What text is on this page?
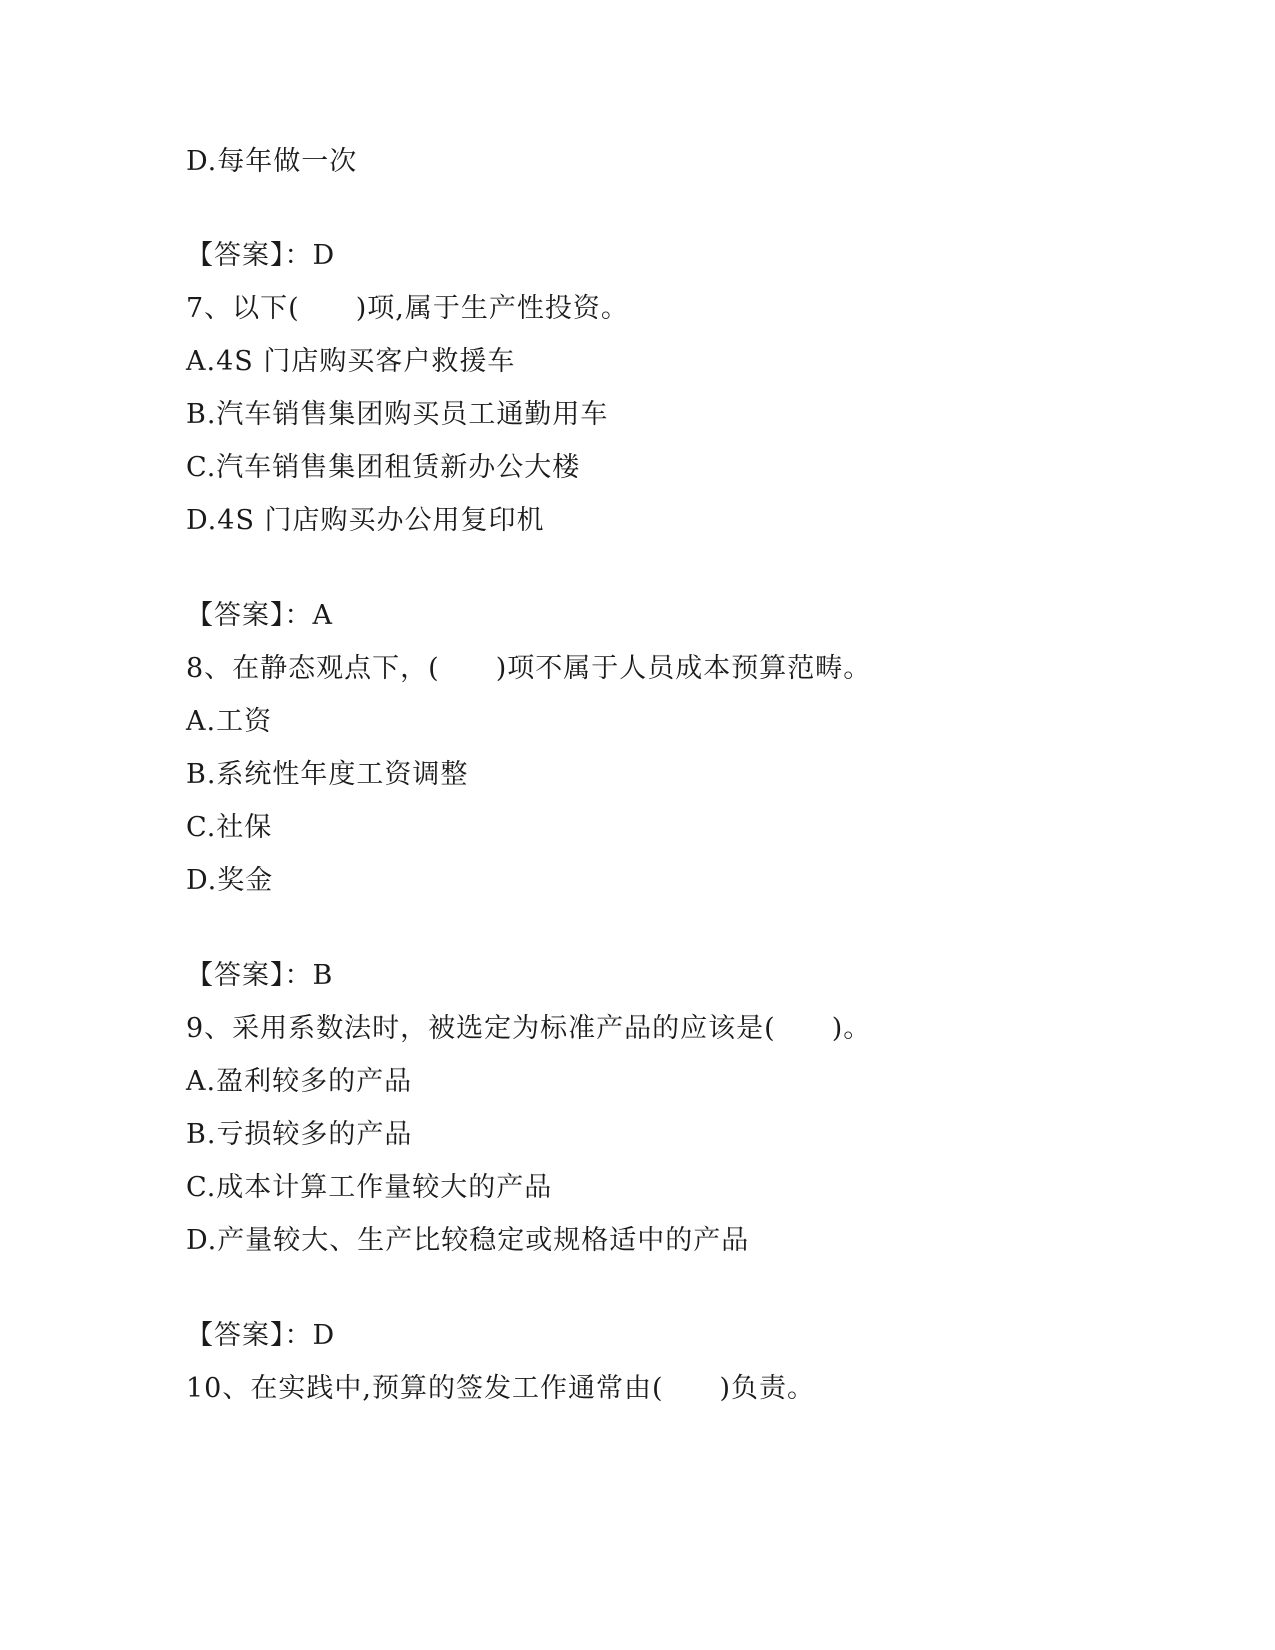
D.每年做一次
【答案】：D
7、以下(　　)项,属于生产性投资。
A.4S 门店购买客户救援车
B.汽车销售集团购买员工通勤用车
C.汽车销售集团租赁新办公大楼
D.4S 门店购买办公用复印机
【答案】：A
8、在静态观点下，(　　)项不属于人员成本预算范畴。
A.工资
B.系统性年度工资调整
C.社保
D.奖金
【答案】：B
9、采用系数法时，被选定为标准产品的应该是(　　)。
A.盈利较多的产品
B.亏损较多的产品
C.成本计算工作量较大的产品
D.产量较大、生产比较稳定或规格适中的产品
【答案】：D
10、在实践中,预算的签发工作通常由(　　)负责。
